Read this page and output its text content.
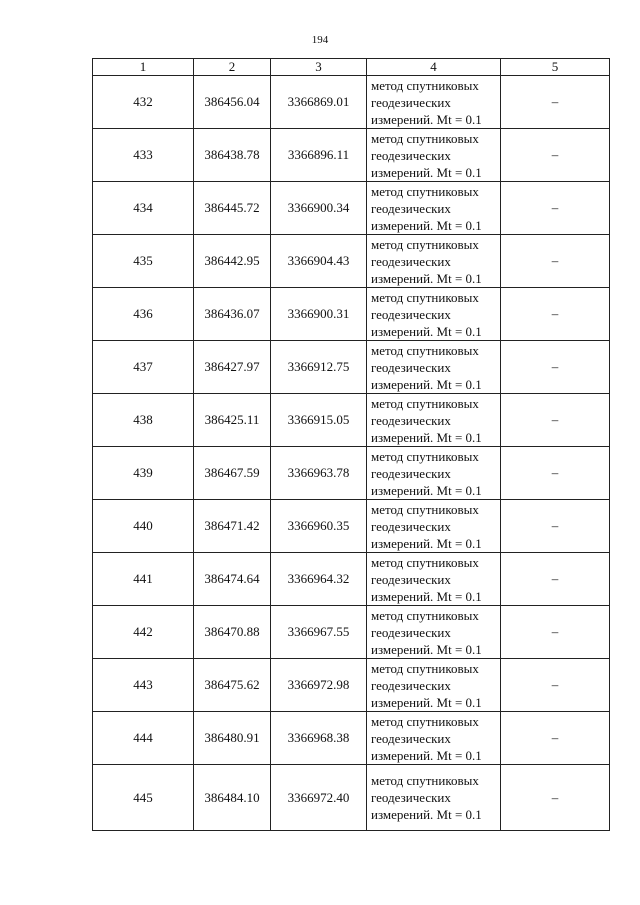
194
1	2	3	4	5
432	386456.04	3366869.01	метод спутниковых
геодезических
измерений. Mt = 0.1	–
433	386438.78	3366896.11	метод спутниковых
геодезических
измерений. Mt = 0.1	–
434	386445.72	3366900.34	метод спутниковых
геодезических
измерений. Mt = 0.1	–
435	386442.95	3366904.43	метод спутниковых
геодезических
измерений. Mt = 0.1	–
436	386436.07	3366900.31	метод спутниковых
геодезических
измерений. Mt = 0.1	–
437	386427.97	3366912.75	метод спутниковых
геодезических
измерений. Mt = 0.1	–
438	386425.11	3366915.05	метод спутниковых
геодезических
измерений. Mt = 0.1	–
439	386467.59	3366963.78	метод спутниковых
геодезических
измерений. Mt = 0.1	–
440	386471.42	3366960.35	метод спутниковых
геодезических
измерений. Mt = 0.1	–
441	386474.64	3366964.32	метод спутниковых
геодезических
измерений. Mt = 0.1	–
442	386470.88	3366967.55	метод спутниковых
геодезических
измерений. Mt = 0.1	–
443	386475.62	3366972.98	метод спутниковых
геодезических
измерений. Mt = 0.1	–
444	386480.91	3366968.38	метод спутниковых
геодезических
измерений. Mt = 0.1	–
445	386484.10	3366972.40	метод спутниковых
геодезических
измерений. Mt = 0.1	–
